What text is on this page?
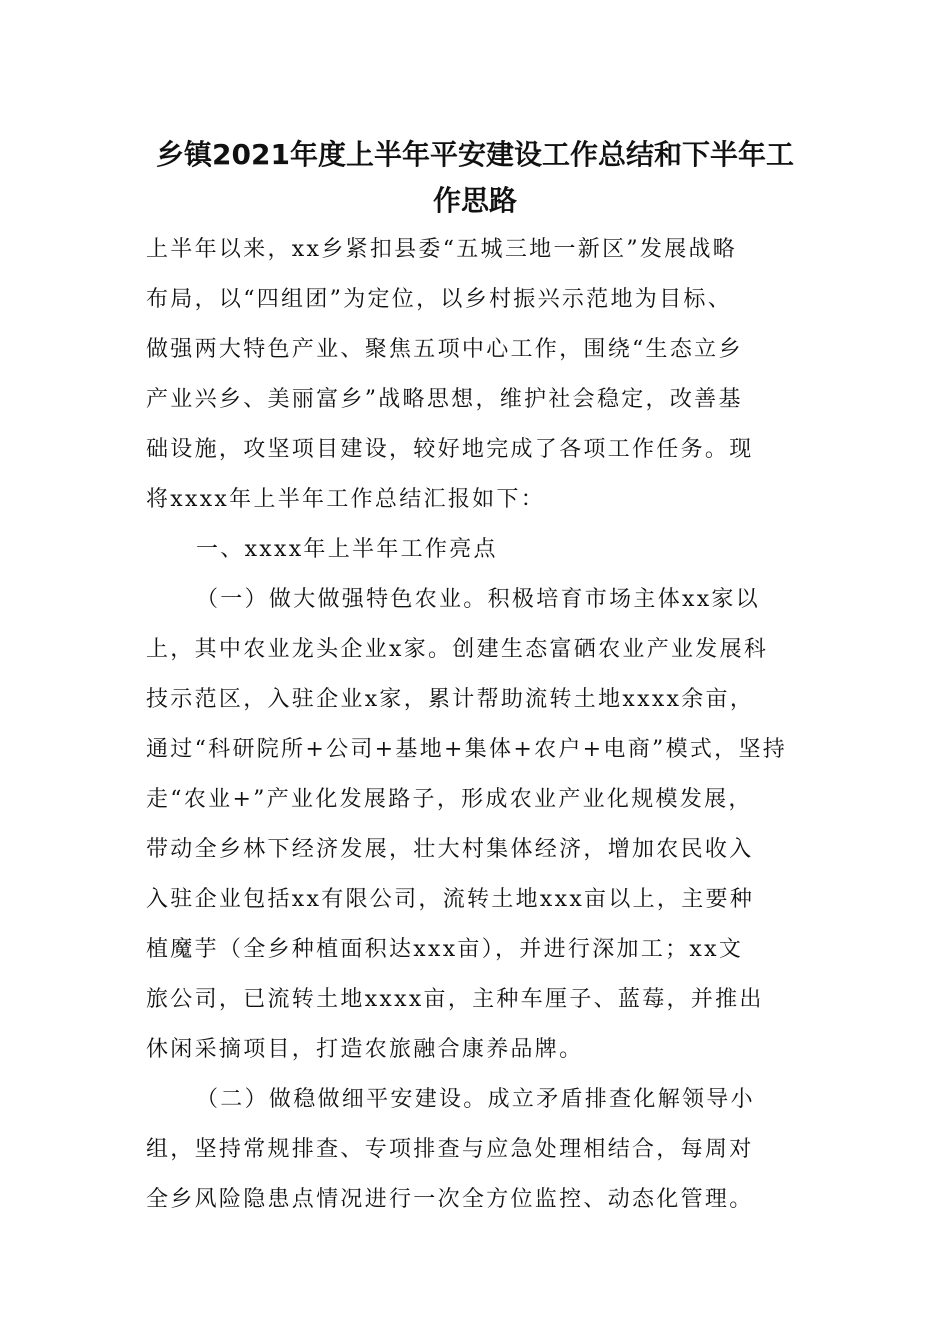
乡镇2021年度上半年平安建设工作总结和下半年工
作思路
上半年以来，xx乡紧扣县委“五城三地一新区”发展战略
布局，以“四组团”为定位，以乡村振兴示范地为目标、
做强两大特色产业、聚焦五项中心工作，围绕“生态立乡
产业兴乡、美丽富乡”战略思想，维护社会稳定，改善基
础设施，攻坚项目建设，较好地完成了各项工作任务。现
将xxxx年上半年工作总结汇报如下：
一、xxxx年上半年工作亮点
（一）做大做强特色农业。积极培育市场主体xx家以
上，其中农业龙头企业x家。创建生态富硒农业产业发展科
技示范区，入驻企业x家，累计帮助流转土地xxxx余亩，
通过“科研院所+公司+基地+集体+农户+电商”模式，坚持
走“农业+”产业化发展路子，形成农业产业化规模发展，
带动全乡林下经济发展，壮大村集体经济，增加农民收入
入驻企业包括xx有限公司，流转土地xxx亩以上，主要种
植魔芋（全乡种植面积达xxx亩），并进行深加工；xx文
旅公司，已流转土地xxxx亩，主种车厘子、蓝莓，并推出
休闲采摘项目，打造农旅融合康养品牌。
（二）做稳做细平安建设。成立矛盾排查化解领导小
组，坚持常规排查、专项排查与应急处理相结合，每周对
全乡风险隐患点情况进行一次全方位监控、动态化管理。
